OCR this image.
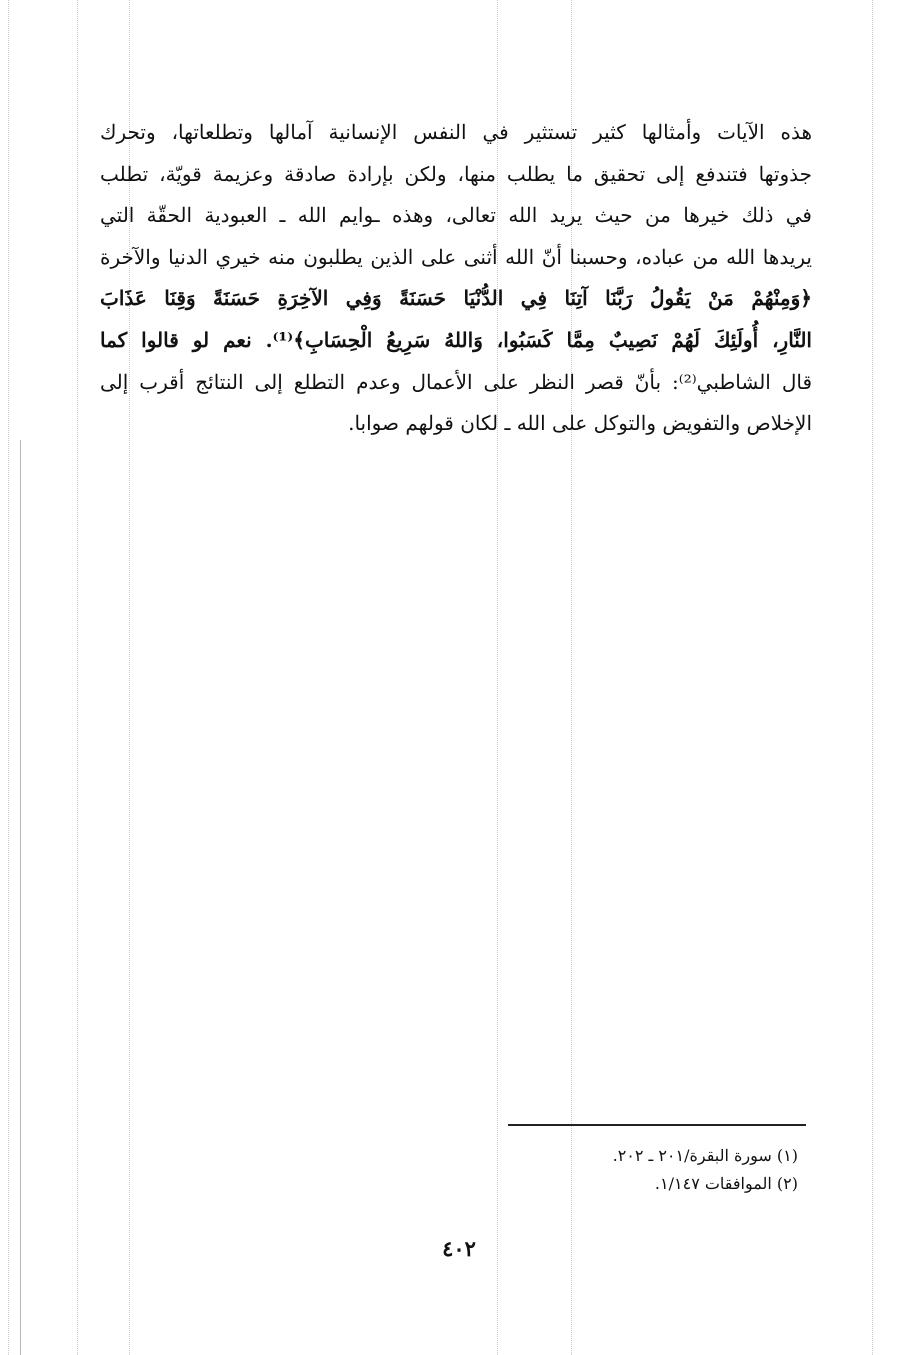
هذه الآيات وأمثالها كثير تستثير في النفس الإنسانية آمالها وتطلعاتها، وتحرك
جذوتها فتندفع إلى تحقيق ما يطلب منها، ولكن بإرادة صادقة وعزيمة قويّة، تطلب
في ذلك خيرها من حيث يريد الله تعالى، وهذه ـوايم الله ـ العبودية الحقّة التي
يريدها الله من عباده، وحسبنا أنّ الله أثنى على الذين يطلبون منه خيري الدنيا والآخرة
﴿وَمِنْهُمْ مَنْ يَقُولُ رَبَّنَا آتِنَا فِي الدُّنْيَا حَسَنَةً وَفِي الآخِرَةِ حَسَنَةً وَقِنَا عَذَابَ
النَّارِ، أُولَئِكَ لَهُمْ نَصِيبٌ مِمَّا كَسَبُوا، وَاللهُ سَرِيعُ الْحِسَابِ﴾⁽¹⁾. نعم لو قالوا كما
قال الشاطبي⁽²⁾: بأنّ قصر النظر على الأعمال وعدم التطلع إلى النتائج أقرب إلى
الإخلاص والتفويض والتوكل على الله ـ لكان قولهم صوابا.
(١) سورة البقرة/٢٠١ ـ ٢٠٢.
(٢) الموافقات ١/١٤٧.
٤٠٢
